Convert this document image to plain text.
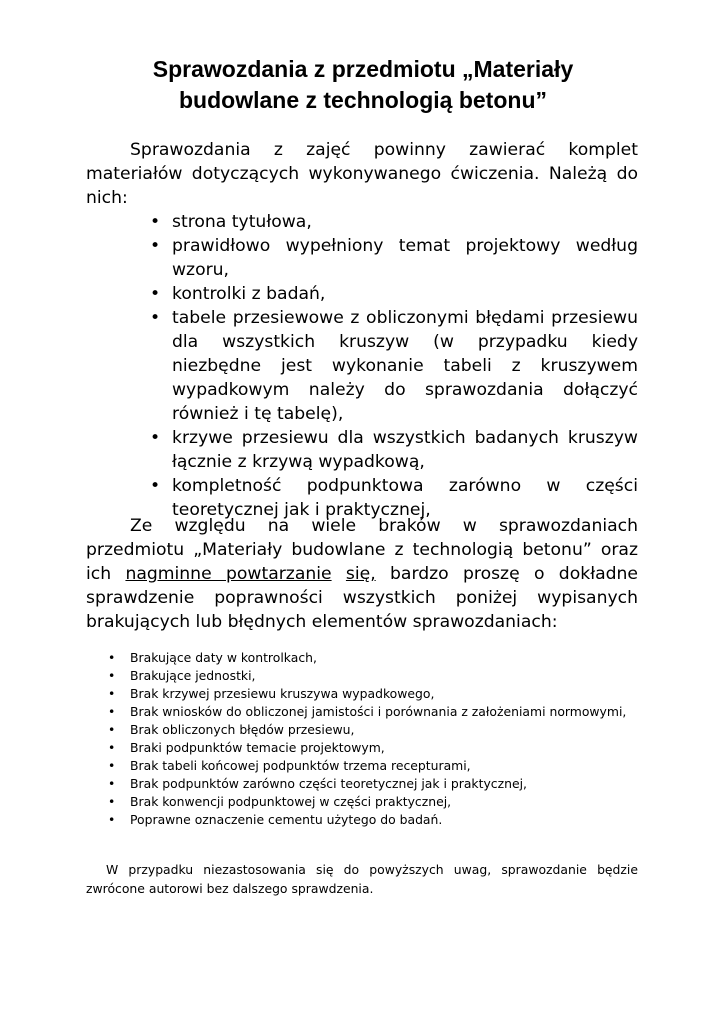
Sprawozdania z przedmiotu „Materiały
budowlane z technologią betonu”

Sprawozdania z zajęć powinny zawierać komplet materiałów dotyczących wykonywanego ćwiczenia. Należą do nich:

• strona tytułowa,
• prawidłowo wypełniony temat projektowy według wzoru,
• kontrolki z badań,
• tabele przesiewowe z obliczonymi błędami przesiewu dla wszystkich kruszyw (w przypadku kiedy niezbędne jest wykonanie tabeli z kruszywem wypadkowym należy do sprawozdania dołączyć również i tę tabelę),
• krzywe przesiewu dla wszystkich badanych kruszyw łącznie z krzywą wypadkową,
• kompletność podpunktowa zarówno w części teoretycznej jak i praktycznej,

Ze względu na wiele braków w sprawozdaniach przedmiotu „Materiały budowlane z technologią betonu” oraz ich nagminne powtarzanie się, bardzo proszę o dokładne sprawdzenie poprawności wszystkich poniżej wypisanych brakujących lub błędnych elementów sprawozdaniach:

• Brakujące daty w kontrolkach,
• Brakujące jednostki,
• Brak krzywej przesiewu kruszywa wypadkowego,
• Brak wniosków do obliczonej jamistości i porównania z założeniami normowymi,
• Brak obliczonych błędów przesiewu,
• Braki podpunktów temacie projektowym,
• Brak tabeli końcowej podpunktów trzema recepturami,
• Brak podpunktów zarówno części teoretycznej jak i praktycznej,
• Brak konwencji podpunktowej w części praktycznej,
• Poprawne oznaczenie cementu użytego do badań.

W przypadku niezastosowania się do powyższych uwag, sprawozdanie będzie zwrócone autorowi bez dalszego sprawdzenia.
